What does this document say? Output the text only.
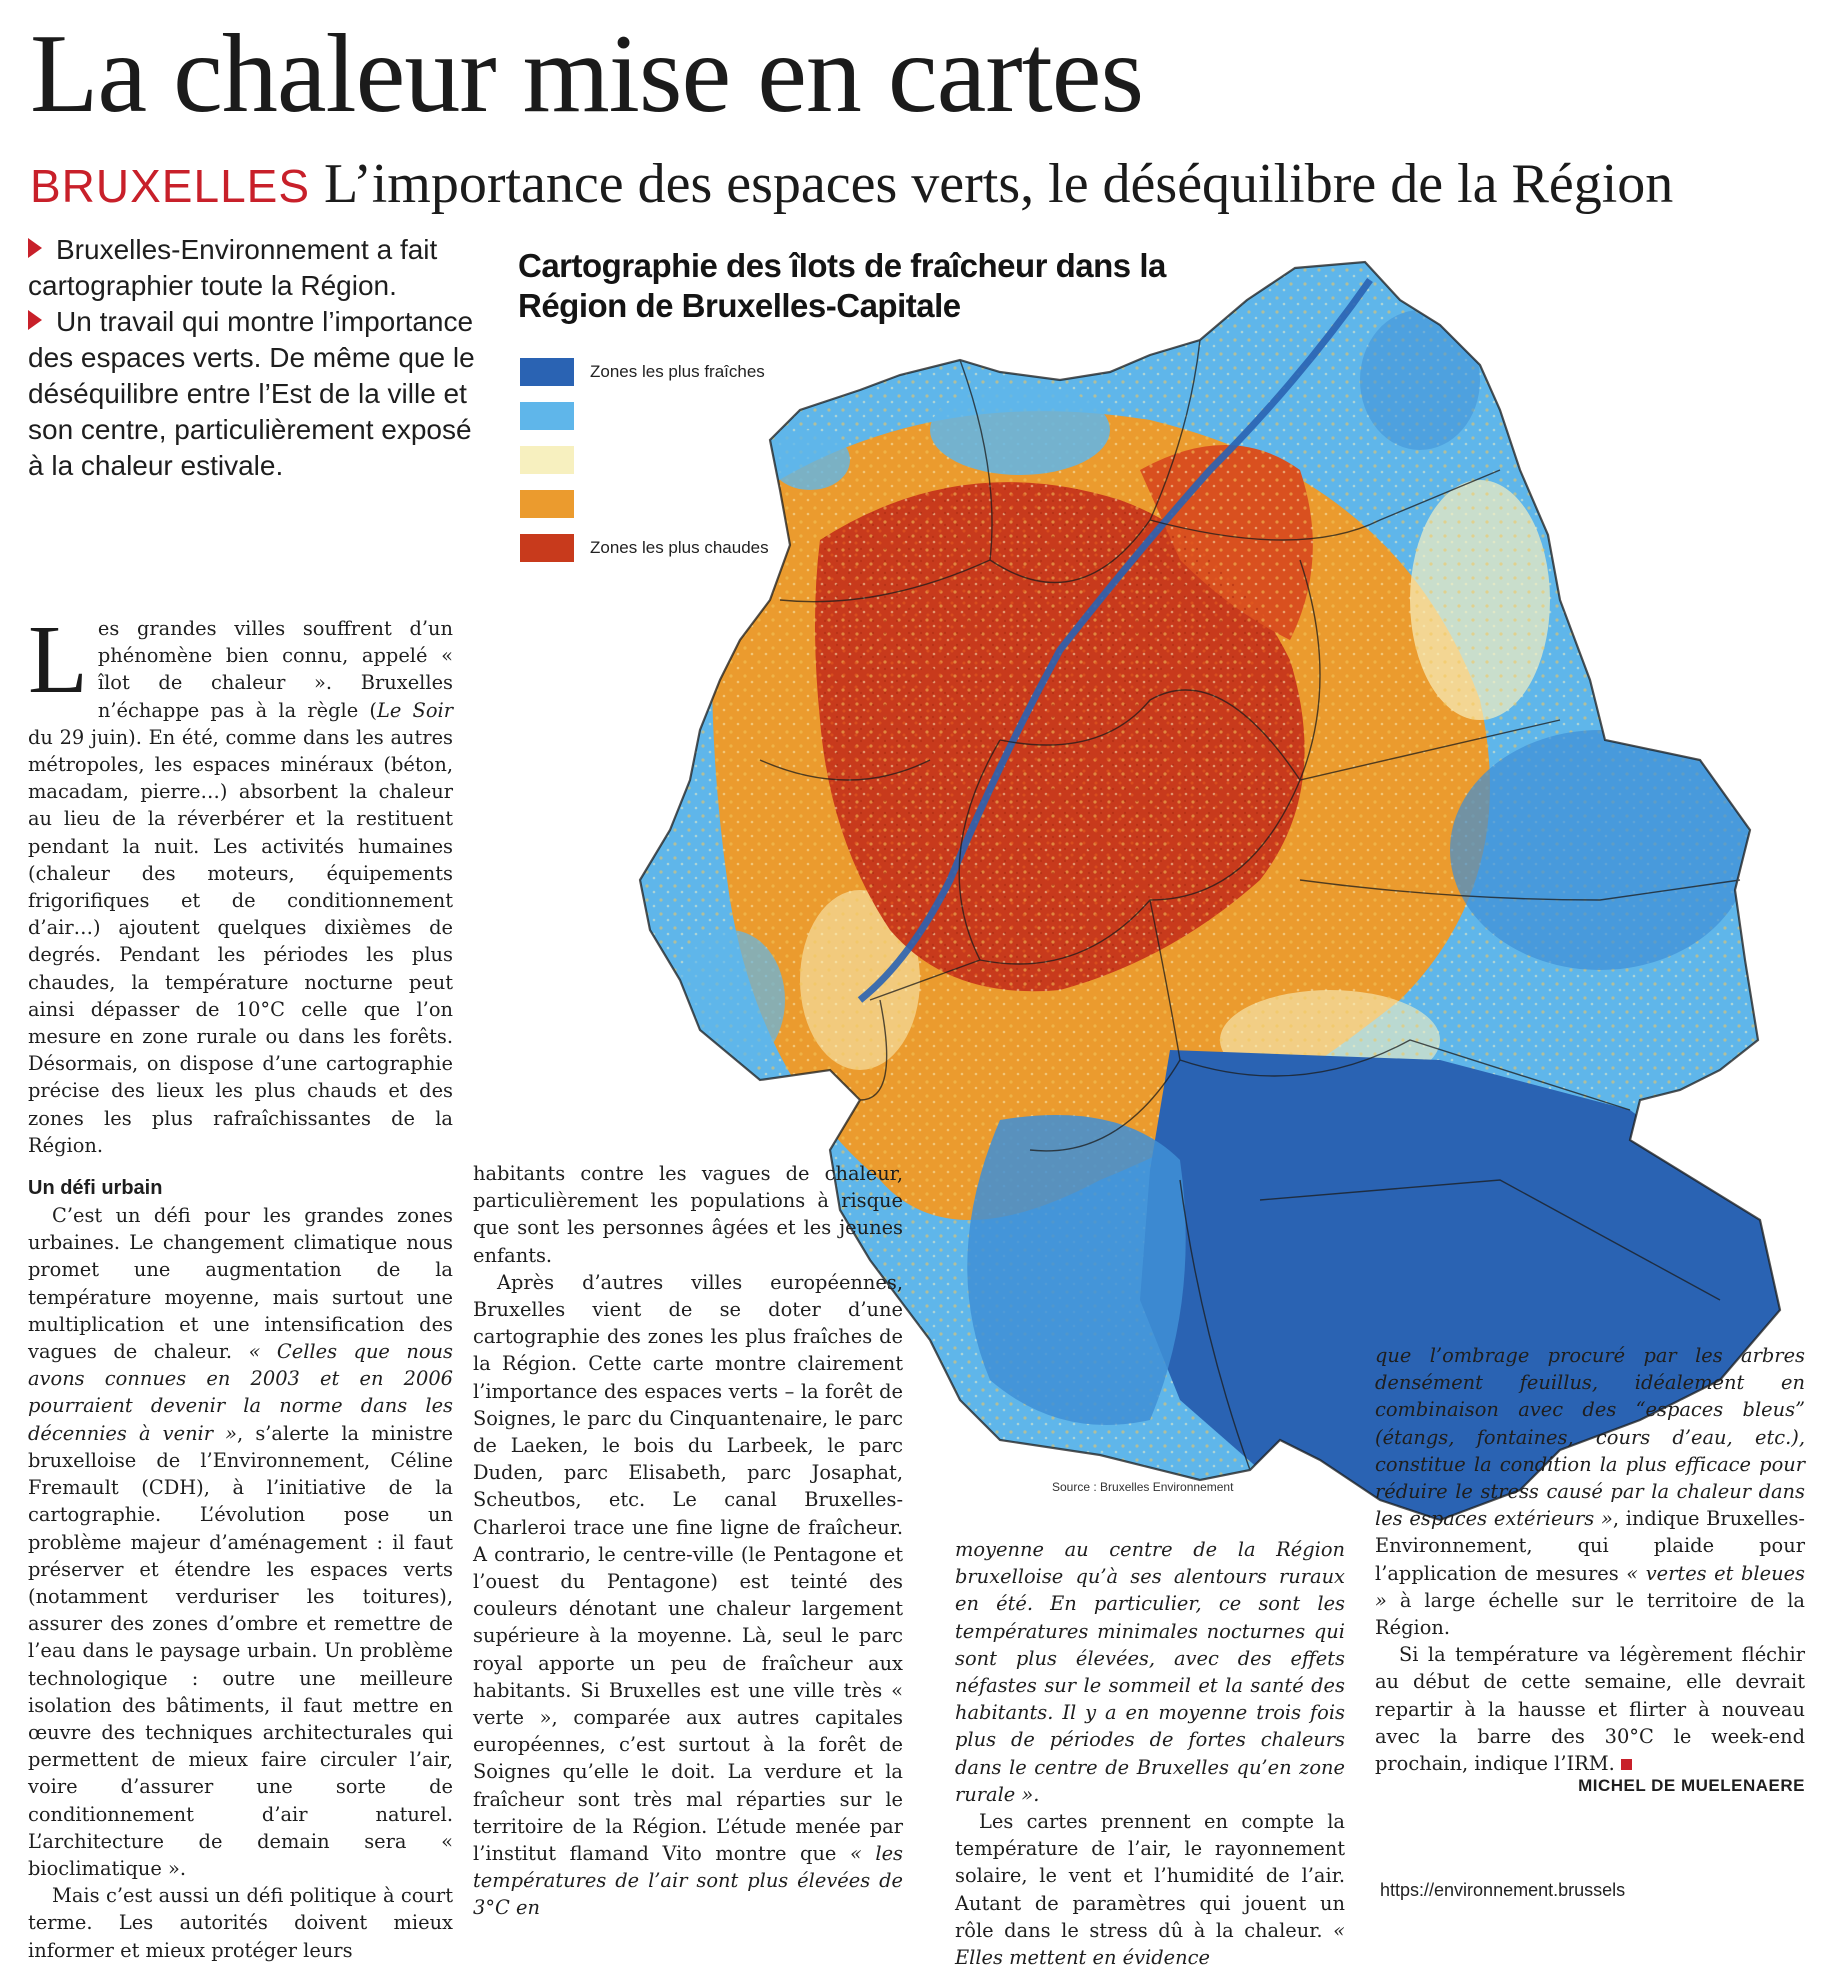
La chaleur mise en cartes
BRUXELLES L’importance des espaces verts, le déséquilibre de la Région

Bruxelles-Environnement a fait cartographier toute la Région.

Un travail qui montre l’importance des espaces verts. De même que le déséquilibre entre l’Est de la ville et son centre, particulièrement exposé à la chaleur estivale.

Cartographie des îlots de fraîcheur dans la Région de Bruxelles-Capitale
Zones les plus fraîches
Zones les plus chaudes
Source : Bruxelles Environnement

Les grandes villes souffrent d’un phénomène bien connu, appelé « îlot de chaleur ». Bruxelles n’échappe pas à la règle (Le Soir du 29 juin). En été, comme dans les autres métropoles, les espaces minéraux (béton, macadam, pierre…) absorbent la chaleur au lieu de la réverbérer et la restituent pendant la nuit. Les activités humaines (chaleur des moteurs, équipements frigorifiques et de conditionnement d’air…) ajoutent quelques dixièmes de degrés. Pendant les périodes les plus chaudes, la température nocturne peut ainsi dépasser de 10°C celle que l’on mesure en zone rurale ou dans les forêts. Désormais, on dispose d’une cartographie précise des lieux les plus chauds et des zones les plus rafraîchissantes de la Région.

Un défi urbain

C’est un défi pour les grandes zones urbaines. Le changement climatique nous promet une augmentation de la température moyenne, mais surtout une multiplication et une intensification des vagues de chaleur. « Celles que nous avons connues en 2003 et en 2006 pourraient devenir la norme dans les décennies à venir », s’alerte la ministre bruxelloise de l’Environnement, Céline Fremault (CDH), à l’initiative de la cartographie. L’évolution pose un problème majeur d’aménagement : il faut préserver et étendre les espaces verts (notamment verduriser les toitures), assurer des zones d’ombre et remettre de l’eau dans le paysage urbain. Un problème technologique : outre une meilleure isolation des bâtiments, il faut mettre en œuvre des techniques architecturales qui permettent de mieux faire circuler l’air, voire d’assurer une sorte de conditionnement d’air naturel. L’architecture de demain sera « bioclimatique ».

Mais c’est aussi un défi politique à court terme. Les autorités doivent mieux informer et mieux protéger leurs

habitants contre les vagues de chaleur, particulièrement les populations à risque que sont les personnes âgées et les jeunes enfants.

Après d’autres villes européennes, Bruxelles vient de se doter d’une cartographie des zones les plus fraîches de la Région. Cette carte montre clairement l’importance des espaces verts – la forêt de Soignes, le parc du Cinquantenaire, le parc de Laeken, le bois du Larbeek, le parc Duden, parc Elisabeth, parc Josaphat, Scheutbos, etc. Le canal Bruxelles-Charleroi trace une fine ligne de fraîcheur. A contrario, le centre-ville (le Pentagone et l’ouest du Pentagone) est teinté des couleurs dénotant une chaleur largement supérieure à la moyenne. Là, seul le parc royal apporte un peu de fraîcheur aux habitants. Si Bruxelles est une ville très « verte », comparée aux autres capitales européennes, c’est surtout à la forêt de Soignes qu’elle le doit. La verdure et la fraîcheur sont très mal réparties sur le territoire de la Région. L’étude menée par l’institut flamand Vito montre que « les températures de l’air sont plus élevées de 3°C en

moyenne au centre de la Région bruxelloise qu’à ses alentours ruraux en été. En particulier, ce sont les températures minimales nocturnes qui sont plus élevées, avec des effets néfastes sur le sommeil et la santé des habitants. Il y a en moyenne trois fois plus de périodes de fortes chaleurs dans le centre de Bruxelles qu’en zone rurale ».

Les cartes prennent en compte la température de l’air, le rayonnement solaire, le vent et l’humidité de l’air. Autant de paramètres qui jouent un rôle dans le stress dû à la chaleur. « Elles mettent en évidence

que l’ombrage procuré par les arbres densément feuillus, idéalement en combinaison avec des “espaces bleus” (étangs, fontaines, cours d’eau, etc.), constitue la condition la plus efficace pour réduire le stress causé par la chaleur dans les espaces extérieurs », indique Bruxelles-Environnement, qui plaide pour l’application de mesures « vertes et bleues » à large échelle sur le territoire de la Région.

Si la température va légèrement fléchir au début de cette semaine, elle devrait repartir à la hausse et flirter à nouveau avec la barre des 30°C le week-end prochain, indique l’IRM.

MICHEL DE MUELENAERE
https://environnement.brussels
